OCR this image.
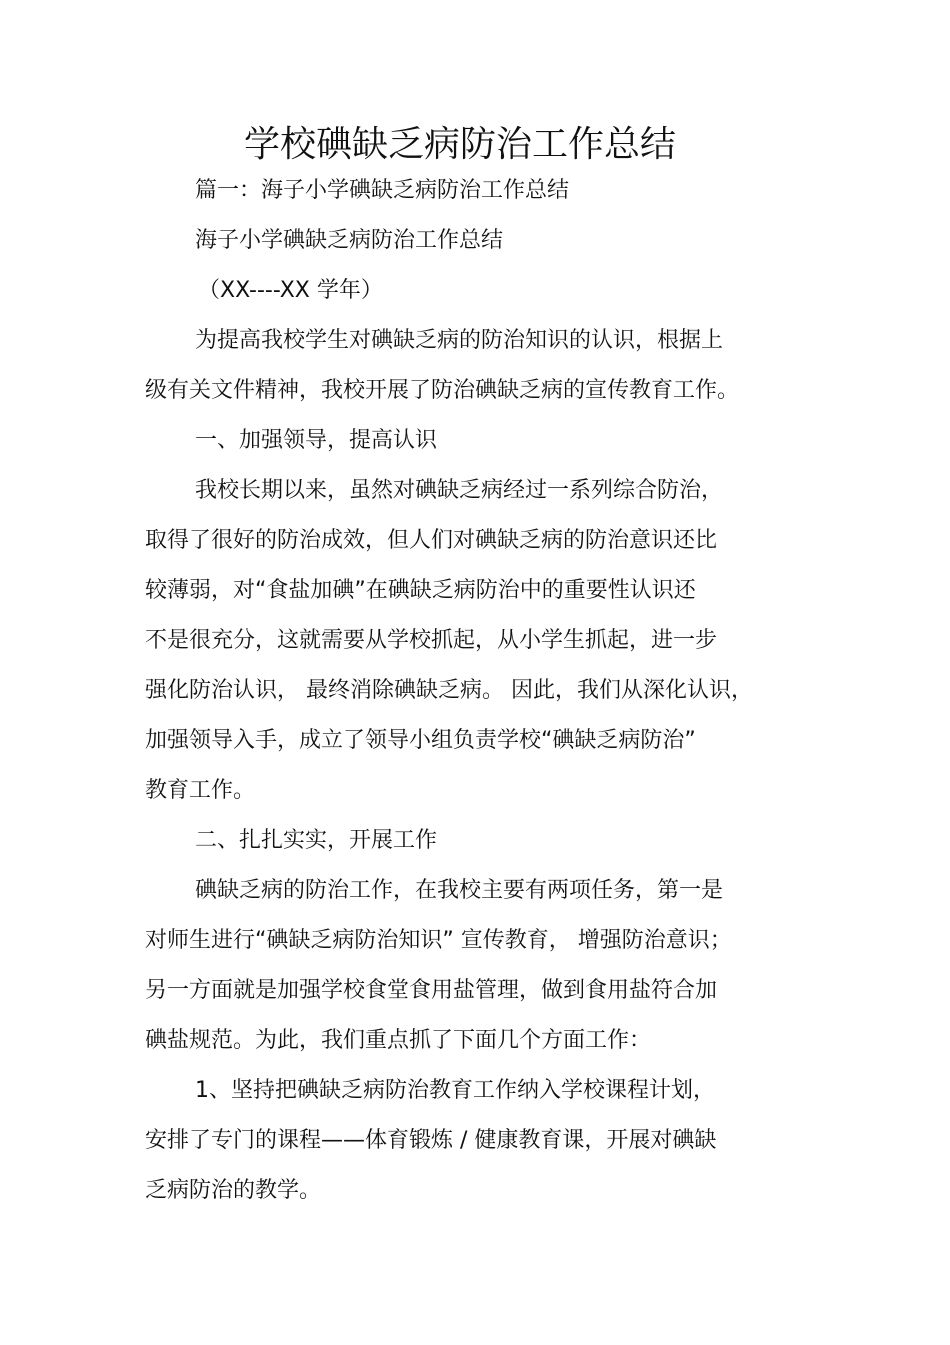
学校碘缺乏病防治工作总结
篇一：海子小学碘缺乏病防治工作总结
海子小学碘缺乏病防治工作总结
（XX----XX 学年）
为提高我校学生对碘缺乏病的防治知识的认识，根据上
级有关文件精神，我校开展了防治碘缺乏病的宣传教育工作。
一、加强领导，提高认识
我校长期以来，虽然对碘缺乏病经过一系列综合防治，
取得了很好的防治成效，但人们对碘缺乏病的防治意识还比
较薄弱，对“食盐加碘”在碘缺乏病防治中的重要性认识还
不是很充分，这就需要从学校抓起，从小学生抓起，进一步
强化防治认识， 最终消除碘缺乏病。 因此，我们从深化认识，
加强领导入手，成立了领导小组负责学校“碘缺乏病防治”
教育工作。
二、扎扎实实，开展工作
碘缺乏病的防治工作，在我校主要有两项任务，第一是
对师生进行“碘缺乏病防治知识” 宣传教育， 增强防治意识；
另一方面就是加强学校食堂食用盐管理，做到食用盐符合加
碘盐规范。为此，我们重点抓了下面几个方面工作：
1、坚持把碘缺乏病防治教育工作纳入学校课程计划，
安排了专门的课程——体育锻炼 / 健康教育课，开展对碘缺
乏病防治的教学。
